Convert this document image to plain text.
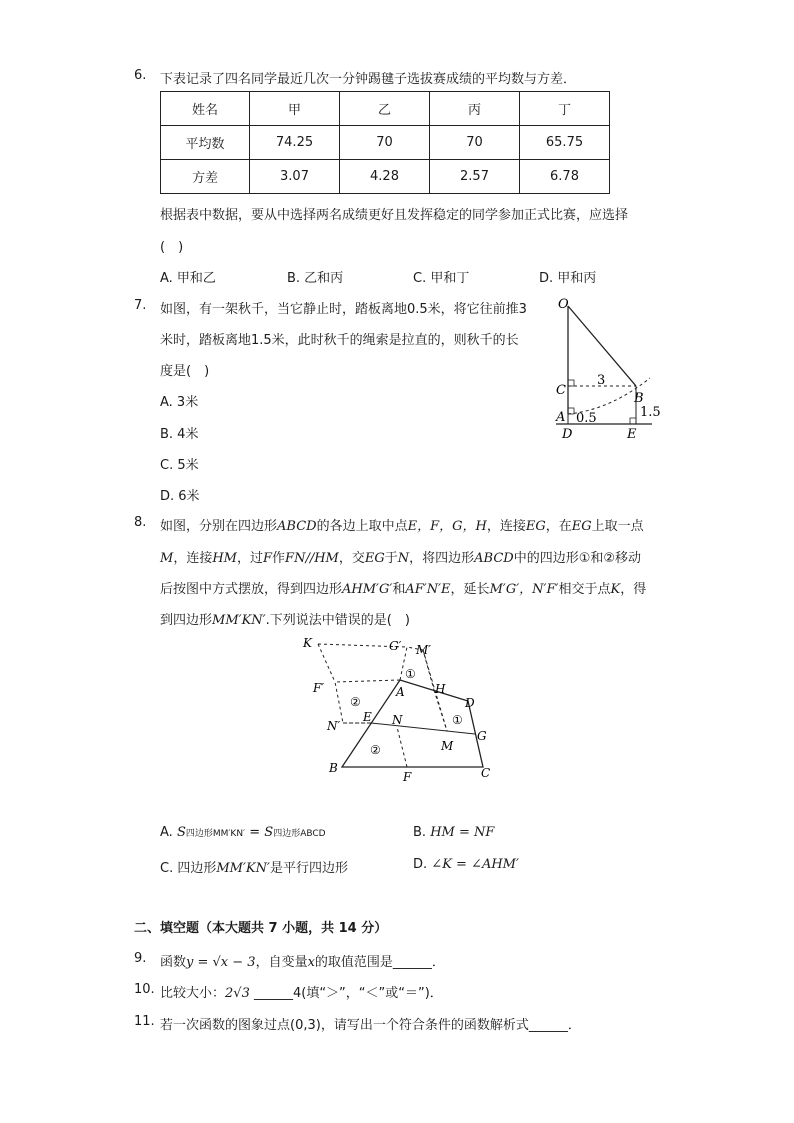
6. 下表记录了四名同学最近几次一分钟踢毽子选拔赛成绩的平均数与方差．
姓名	甲	乙	丙	丁
平均数	74.25	70	70	65.75
方差	3.07	4.28	2.57	6.78
根据表中数据，要从中选择两名成绩更好且发挥稳定的同学参加正式比赛，应选择
(　)
A. 甲和乙	B. 乙和丙	C. 甲和丁	D. 甲和丙
7. 如图，有一架秋千，当它静止时，踏板离地0.5米，将它往前推3
米时，踏板离地1.5米，此时秋千的绳索是拉直的，则秋千的长
度是(　)
A. 3米
B. 4米
C. 5米
D. 6米
O
C
A
B
D	E
3
0.5	1.5
8. 如图，分别在四边形ABCD的各边上取中点E，F，G，H，连接EG，在EG上取一点
M，连接HM，过F作FN//HM，交EG于N，将四边形ABCD中的四边形①和②移动
后按图中方式摆放，得到四边形AHM′G′和AF′N′E，延长M′G′，N′F′相交于点K，得
到四边形MM′KN′.下列说法中错误的是(　)
K	G′ M′
F′	A	H
D
N′
E N
G
M
B
F	C
①
①
②
②
A. S四边形MM′KN′ = S四边形ABCD	B. HM = NF
C. 四边形MM′KN′是平行四边形	D. ∠K = ∠AHM′
二、填空题（本大题共 7 小题，共 14 分）
9. 函数y = √x − 3，自变量x的取值范围是______．
10. 比较大小：2√3 ______4(填“＞”，“＜”或“＝”)．
11. 若一次函数的图象过点(0,3)，请写出一个符合条件的函数解析式______．
